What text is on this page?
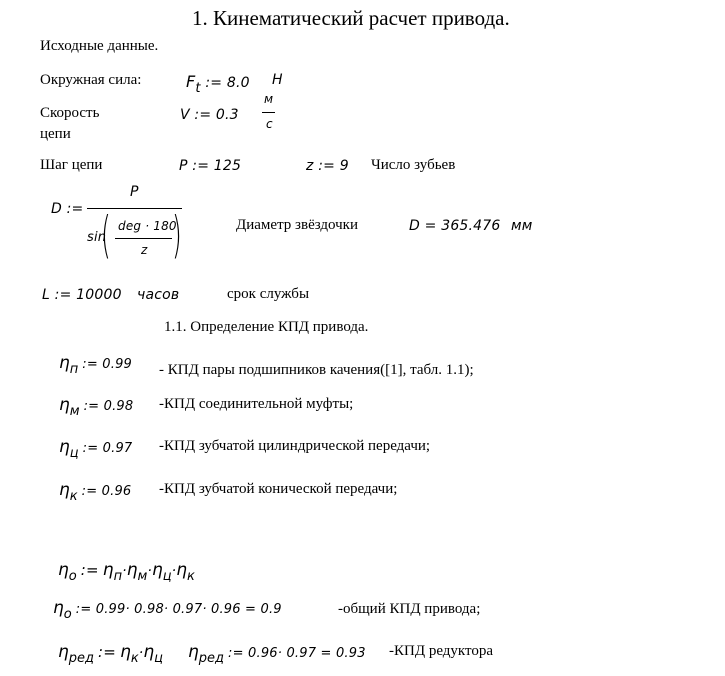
1. Кинематический расчет привода.
Исходные данные.
Окружная сила:	Ft := 8.0 Н
Скорость
цепи
V := 0.3
м
с
Шаг цепи	P := 125	z := 9 Число зубьев
D :=
P
sin
( deg · 180
z )	Диаметр звёздочки	D = 365.476 мм
L := 10000 часов	срок службы
1.1. Определение КПД привода.
$\eta_п$ := 0.99 - КПД пары подшипников качения([1], табл. 1.1);
$\eta_м$ := 0.98 -КПД соединительной муфты;
$\eta_ц$ := 0.97 -КПД зубчатой цилиндрической передачи;
$\eta_к$ := 0.96 -КПД зубчатой конической передачи;
$\eta_о$ := $\eta_п\cdot\eta_м\cdot\eta_ц\cdot\eta_к$
$\eta_о$ := 0.99· 0.98· 0.97· 0.96 = 0.9	-общий КПД привода;
$\eta_{ред}$ := $\eta_к\cdot\eta_ц$ $\eta_{ред}$ := 0.96· 0.97 = 0.93 -КПД редуктора
